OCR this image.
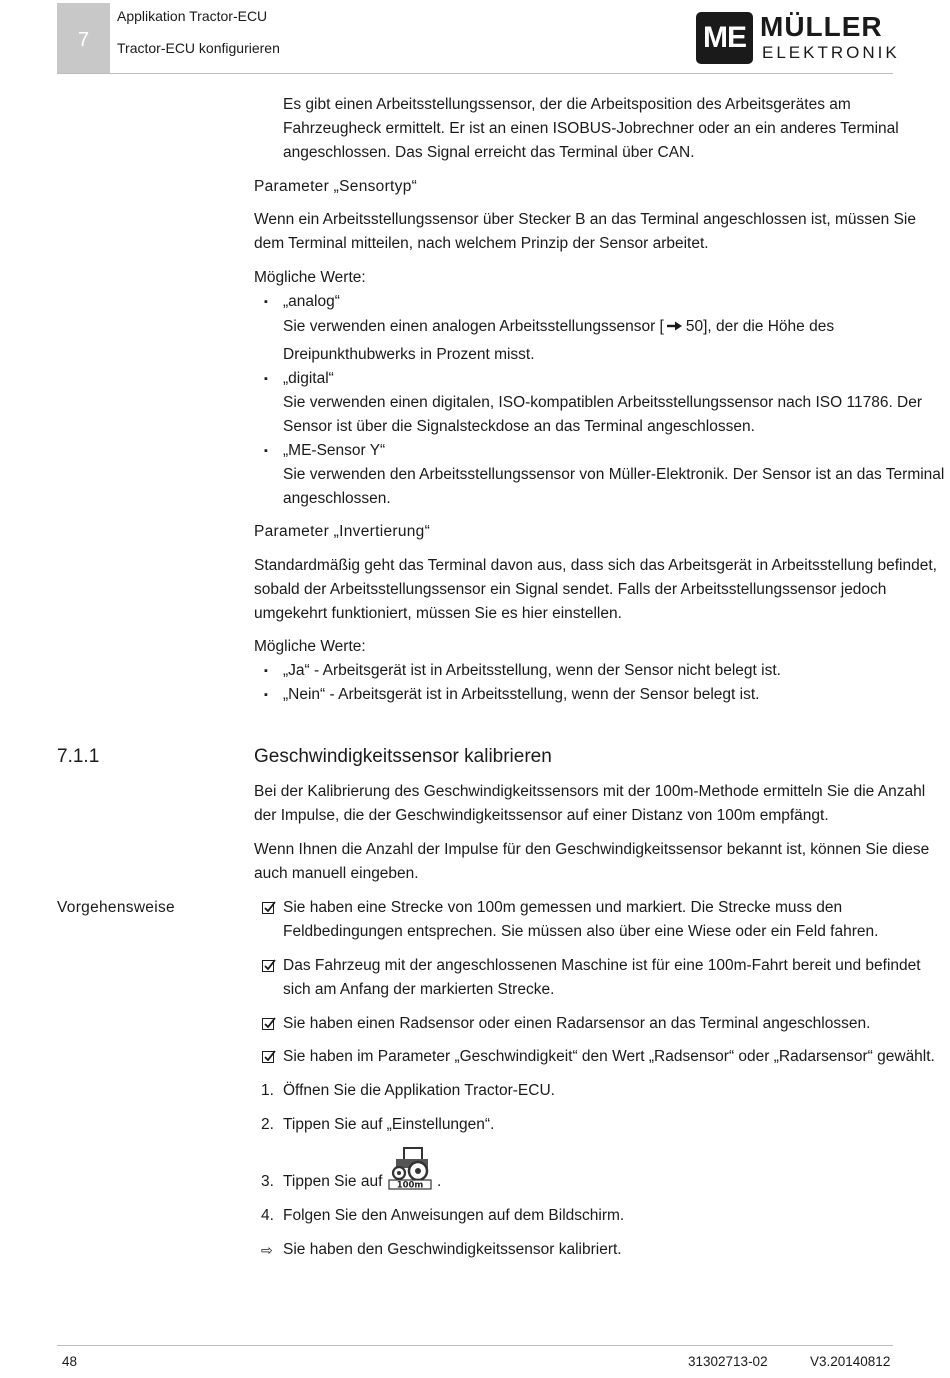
7
Applikation Tractor-ECU
Tractor-ECU konfigurieren	ME MÜLLER
ELEKTRONIK
Es gibt einen Arbeitsstellungssensor, der die Arbeitsposition des Arbeitsgerätes am
Fahrzeugheck ermittelt. Er ist an einen ISOBUS-Jobrechner oder an ein anderes Terminal
angeschlossen. Das Signal erreicht das Terminal über CAN.
Parameter „Sensortyp“
Wenn ein Arbeitsstellungssensor über Stecker B an das Terminal angeschlossen ist, müssen Sie
dem Terminal mitteilen, nach welchem Prinzip der Sensor arbeitet.
Mögliche Werte:
▪ „analog“
Sie verwenden einen analogen Arbeitsstellungssensor [ 50], der die Höhe des
Dreipunkthubwerks in Prozent misst.
▪ „digital“
Sie verwenden einen digitalen, ISO-kompatiblen Arbeitsstellungssensor nach ISO 11786. Der
Sensor ist über die Signalsteckdose an das Terminal angeschlossen.
▪ „ME-Sensor Y“
Sie verwenden den Arbeitsstellungssensor von Müller-Elektronik. Der Sensor ist an das Terminal
angeschlossen.
Parameter „Invertierung“
Standardmäßig geht das Terminal davon aus, dass sich das Arbeitsgerät in Arbeitsstellung befindet,
sobald der Arbeitsstellungssensor ein Signal sendet. Falls der Arbeitsstellungssensor jedoch
umgekehrt funktioniert, müssen Sie es hier einstellen.
Mögliche Werte:
▪ „Ja“ - Arbeitsgerät ist in Arbeitsstellung, wenn der Sensor nicht belegt ist.
▪ „Nein“ - Arbeitsgerät ist in Arbeitsstellung, wenn der Sensor belegt ist.
7.1.1	Geschwindigkeitssensor kalibrieren
Bei der Kalibrierung des Geschwindigkeitssensors mit der 100m-Methode ermitteln Sie die Anzahl
der Impulse, die der Geschwindigkeitssensor auf einer Distanz von 100m empfängt.
Wenn Ihnen die Anzahl der Impulse für den Geschwindigkeitssensor bekannt ist, können Sie diese
auch manuell eingeben.
Vorgehensweise	Sie haben eine Strecke von 100m gemessen und markiert. Die Strecke muss den
Feldbedingungen entsprechen. Sie müssen also über eine Wiese oder ein Feld fahren.
Das Fahrzeug mit der angeschlossenen Maschine ist für eine 100m-Fahrt bereit und befindet
sich am Anfang der markierten Strecke.
Sie haben einen Radsensor oder einen Radarsensor an das Terminal angeschlossen.
Sie haben im Parameter „Geschwindigkeit“ den Wert „Radsensor“ oder „Radarsensor“ gewählt.
1. Öffnen Sie die Applikation Tractor-ECU.
2. Tippen Sie auf „Einstellungen“.
3. Tippen Sie auf 100m .
4. Folgen Sie den Anweisungen auf dem Bildschirm.
⇨ Sie haben den Geschwindigkeitssensor kalibriert.
48	31302713-02	V3.20140812
